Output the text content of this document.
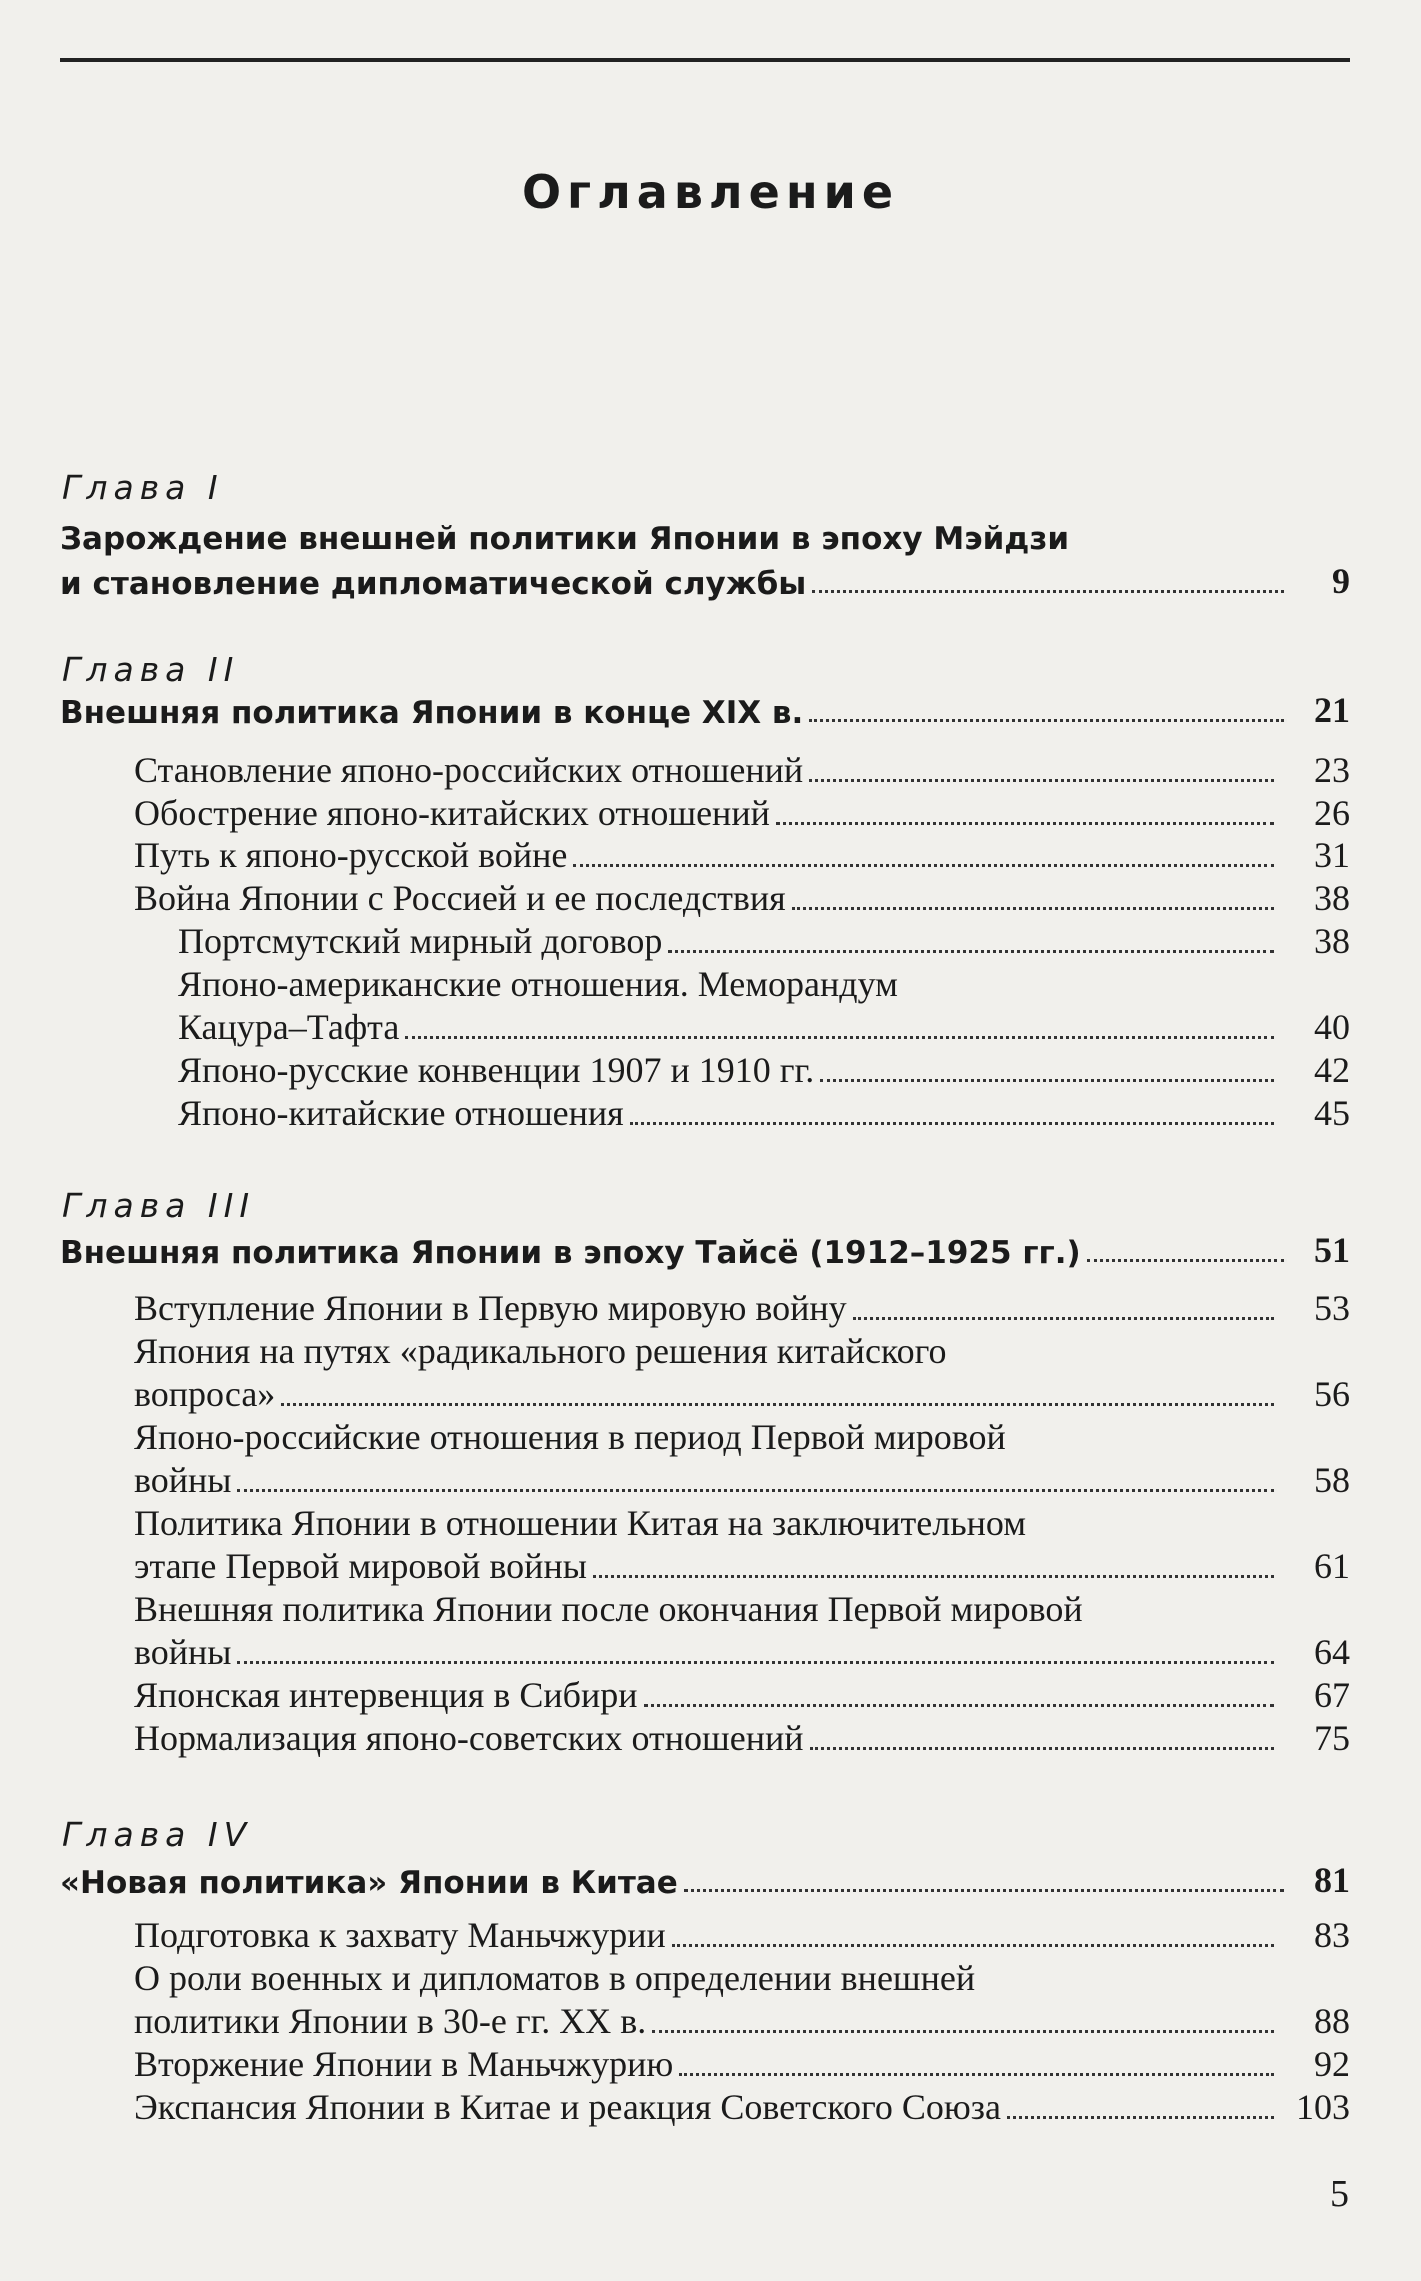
Оглавление
Глава I
Зарождение внешней политики Японии в эпоху Мэйдзи
и становление дипломатической службы	9
Глава II
Внешняя политика Японии в конце XIX в.	21
Становление японо-российских отношений	23
Обострение японо-китайских отношений	26
Путь к японо-русской войне	31
Война Японии с Россией и ее последствия	38
Портсмутский мирный договор	38
Японо-американские отношения. Меморандум
Кацура–Тафта	40
Японо-русские конвенции 1907 и 1910 гг.	42
Японо-китайские отношения	45
Глава III
Внешняя политика Японии в эпоху Тайсё (1912–1925 гг.)	51
Вступление Японии в Первую мировую войну	53
Япония на путях «радикального решения китайского
вопроса»	56
Японо-российские отношения в период Первой мировой
войны	58
Политика Японии в отношении Китая на заключительном
этапе Первой мировой войны	61
Внешняя политика Японии после окончания Первой мировой
войны	64
Японская интервенция в Сибири	67
Нормализация японо-советских отношений	75
Глава IV
«Новая политика» Японии в Китае	81
Подготовка к захвату Маньчжурии	83
О роли военных и дипломатов в определении внешней
политики Японии в 30-е гг. XX в.	88
Вторжение Японии в Маньчжурию	92
Экспансия Японии в Китае и реакция Советского Союза	103
5
